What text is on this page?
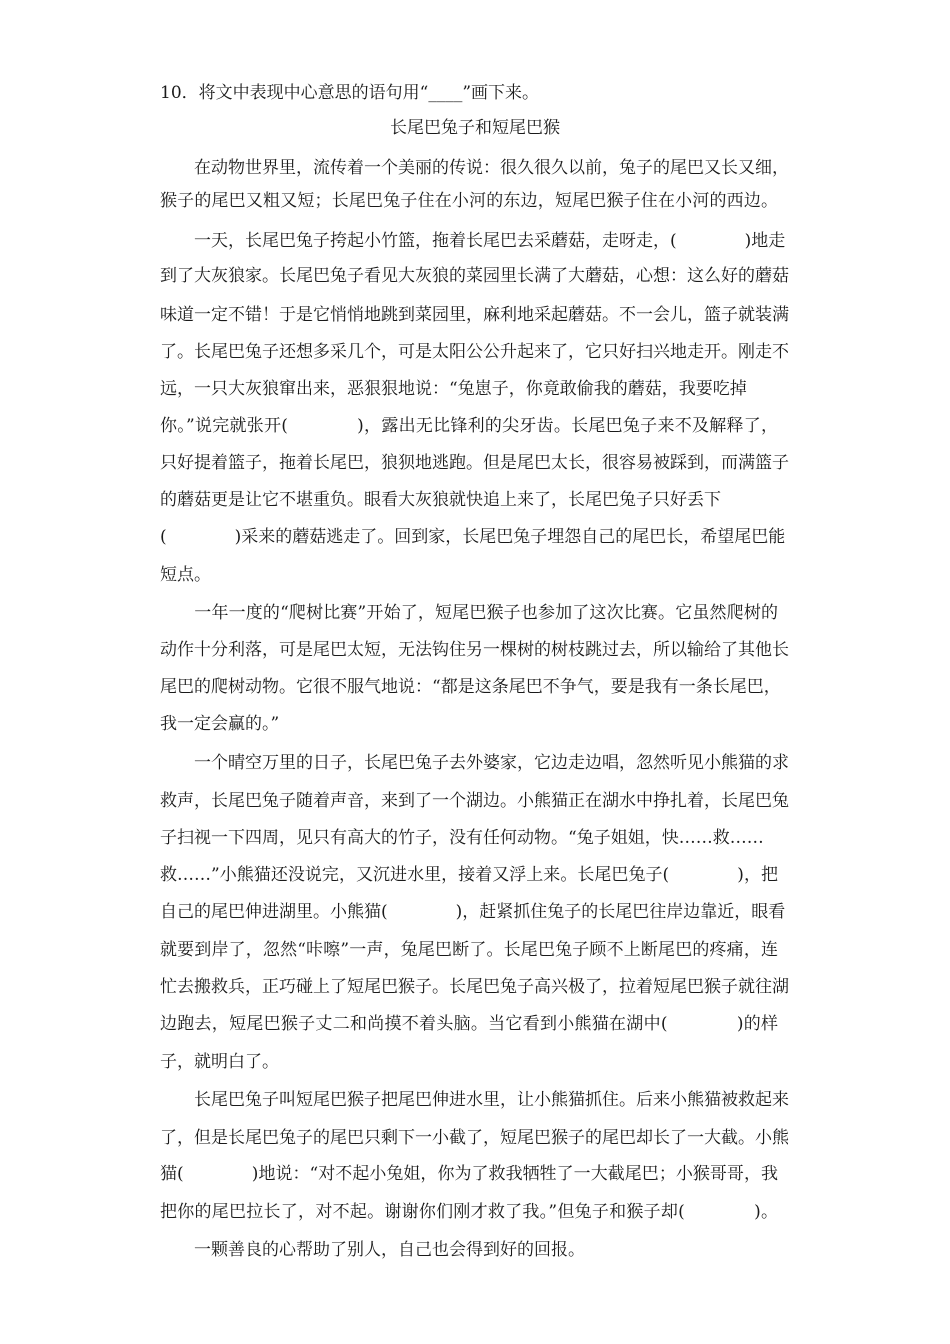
10．将文中表现中心意思的语句用“____”画下来。
长尾巴兔子和短尾巴猴
　　在动物世界里，流传着一个美丽的传说：很久很久以前，兔子的尾巴又长又细，
猴子的尾巴又粗又短；长尾巴兔子住在小河的东边，短尾巴猴子住在小河的西边。
　　一天，长尾巴兔子挎起小竹篮，拖着长尾巴去采蘑菇，走呀走，(　　　　)地走
到了大灰狼家。长尾巴兔子看见大灰狼的菜园里长满了大蘑菇，心想：这么好的蘑菇
味道一定不错！于是它悄悄地跳到菜园里，麻利地采起蘑菇。不一会儿，篮子就装满
了。长尾巴兔子还想多采几个，可是太阳公公升起来了，它只好扫兴地走开。刚走不
远，一只大灰狼窜出来，恶狠狠地说：“兔崽子，你竟敢偷我的蘑菇，我要吃掉
你。”说完就张开(　　　　)，露出无比锋利的尖牙齿。长尾巴兔子来不及解释了，
只好提着篮子，拖着长尾巴，狼狈地逃跑。但是尾巴太长，很容易被踩到，而满篮子
的蘑菇更是让它不堪重负。眼看大灰狼就快追上来了，长尾巴兔子只好丢下
(　　　　)采来的蘑菇逃走了。回到家，长尾巴兔子埋怨自己的尾巴长，希望尾巴能
短点。
　　一年一度的“爬树比赛”开始了，短尾巴猴子也参加了这次比赛。它虽然爬树的
动作十分利落，可是尾巴太短，无法钩住另一棵树的树枝跳过去，所以输给了其他长
尾巴的爬树动物。它很不服气地说：“都是这条尾巴不争气，要是我有一条长尾巴，
我一定会赢的。”
　　一个晴空万里的日子，长尾巴兔子去外婆家，它边走边唱，忽然听见小熊猫的求
救声，长尾巴兔子随着声音，来到了一个湖边。小熊猫正在湖水中挣扎着，长尾巴兔
子扫视一下四周，见只有高大的竹子，没有任何动物。“兔子姐姐，快……救……
救……”小熊猫还没说完，又沉进水里，接着又浮上来。长尾巴兔子(　　　　)，把
自己的尾巴伸进湖里。小熊猫(　　　　)，赶紧抓住兔子的长尾巴往岸边靠近，眼看
就要到岸了，忽然“咔嚓”一声，兔尾巴断了。长尾巴兔子顾不上断尾巴的疼痛，连
忙去搬救兵，正巧碰上了短尾巴猴子。长尾巴兔子高兴极了，拉着短尾巴猴子就往湖
边跑去，短尾巴猴子丈二和尚摸不着头脑。当它看到小熊猫在湖中(　　　　)的样
子，就明白了。
　　长尾巴兔子叫短尾巴猴子把尾巴伸进水里，让小熊猫抓住。后来小熊猫被救起来
了，但是长尾巴兔子的尾巴只剩下一小截了，短尾巴猴子的尾巴却长了一大截。小熊
猫(　　　　)地说：“对不起小兔姐，你为了救我牺牲了一大截尾巴；小猴哥哥，我
把你的尾巴拉长了，对不起。谢谢你们刚才救了我。”但兔子和猴子却(　　　　)。
　　一颗善良的心帮助了别人，自己也会得到好的回报。
